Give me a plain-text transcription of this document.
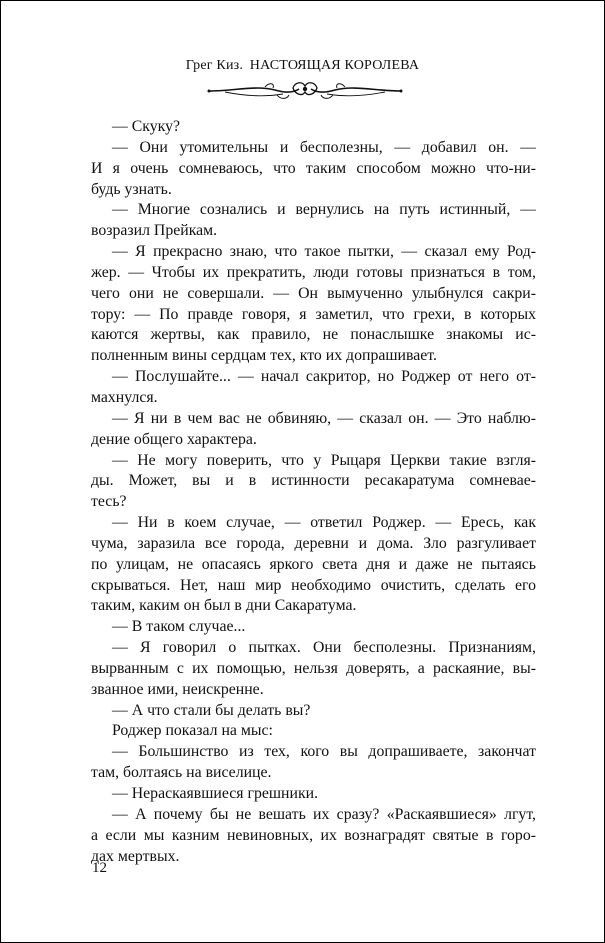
Грег Киз. НАСТОЯЩАЯ КОРОЛЕВА
— Скуку?
— Они утомительны и бесполезны, — добавил он. —
И я очень сомневаюсь, что таким способом можно что-ни-
будь узнать.
— Многие сознались и вернулись на путь истинный, —
возразил Прейкам.
— Я прекрасно знаю, что такое пытки, — сказал ему Род-
жер. — Чтобы их прекратить, люди готовы признаться в том,
чего они не совершали. — Он вымученно улыбнулся сакри-
тору: — По правде говоря, я заметил, что грехи, в которых
каются жертвы, как правило, не понаслышке знакомы ис-
полненным вины сердцам тех, кто их допрашивает.
— Послушайте... — начал сакритор, но Роджер от него от-
махнулся.
— Я ни в чем вас не обвиняю, — сказал он. — Это наблю-
дение общего характера.
— Не могу поверить, что у Рыцаря Церкви такие взгля-
ды. Может, вы и в истинности ресакаратума сомневае-
тесь?
— Ни в коем случае, — ответил Роджер. — Ересь, как
чума, заразила все города, деревни и дома. Зло разгуливает
по улицам, не опасаясь яркого света дня и даже не пытаясь
скрываться. Нет, наш мир необходимо очистить, сделать его
таким, каким он был в дни Сакаратума.
— В таком случае...
— Я говорил о пытках. Они бесполезны. Признаниям,
вырванным с их помощью, нельзя доверять, а раскаяние, вы-
званное ими, неискренне.
— А что стали бы делать вы?
Роджер показал на мыс:
— Большинство из тех, кого вы допрашиваете, закончат
там, болтаясь на виселице.
— Нераскаявшиеся грешники.
— А почему бы не вешать их сразу? «Раскаявшиеся» лгут,
а если мы казним невиновных, их вознаградят святые в горо-
дах мертвых.
12
